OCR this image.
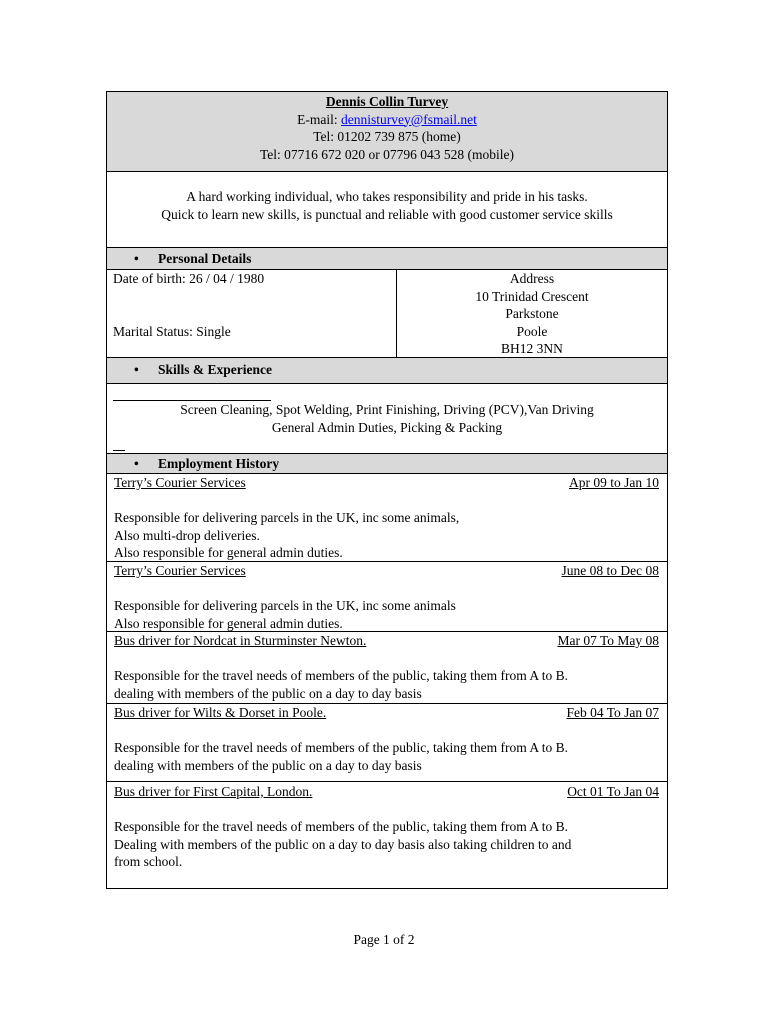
Dennis Collin Turvey
E-mail: dennisturvey@fsmail.net
Tel: 01202 739 875 (home)
Tel: 07716 672 020 or 07796 043 528 (mobile)
A hard working individual, who takes responsibility and pride in his tasks.
Quick to learn new skills, is punctual and reliable with good customer service skills
• Personal Details
Date of birth: 26 / 04 / 1980
Marital Status: Single
Address
10 Trinidad Crescent
Parkstone
Poole
BH12 3NN
• Skills & Experience
Screen Cleaning, Spot Welding, Print Finishing, Driving (PCV),Van Driving
General Admin Duties, Picking & Packing
• Employment History
Terry’s Courier Services	Apr 09 to Jan 10
Responsible for delivering parcels in the UK, inc some animals,
Also multi-drop deliveries.
Also responsible for general admin duties.
Terry’s Courier Services	June 08 to Dec 08
Responsible for delivering parcels in the UK, inc some animals
Also responsible for general admin duties.
Bus driver for Nordcat in Sturminster Newton.	Mar 07 To May 08
Responsible for the travel needs of members of the public, taking them from A to B.
dealing with members of the public on a day to day basis
Bus driver for Wilts & Dorset in Poole.	Feb 04 To Jan 07
Responsible for the travel needs of members of the public, taking them from A to B.
dealing with members of the public on a day to day basis
Bus driver for First Capital, London.	Oct 01 To Jan 04
Responsible for the travel needs of members of the public, taking them from A to B.
Dealing with members of the public on a day to day basis also taking children to and
from school.
Page 1 of 2
